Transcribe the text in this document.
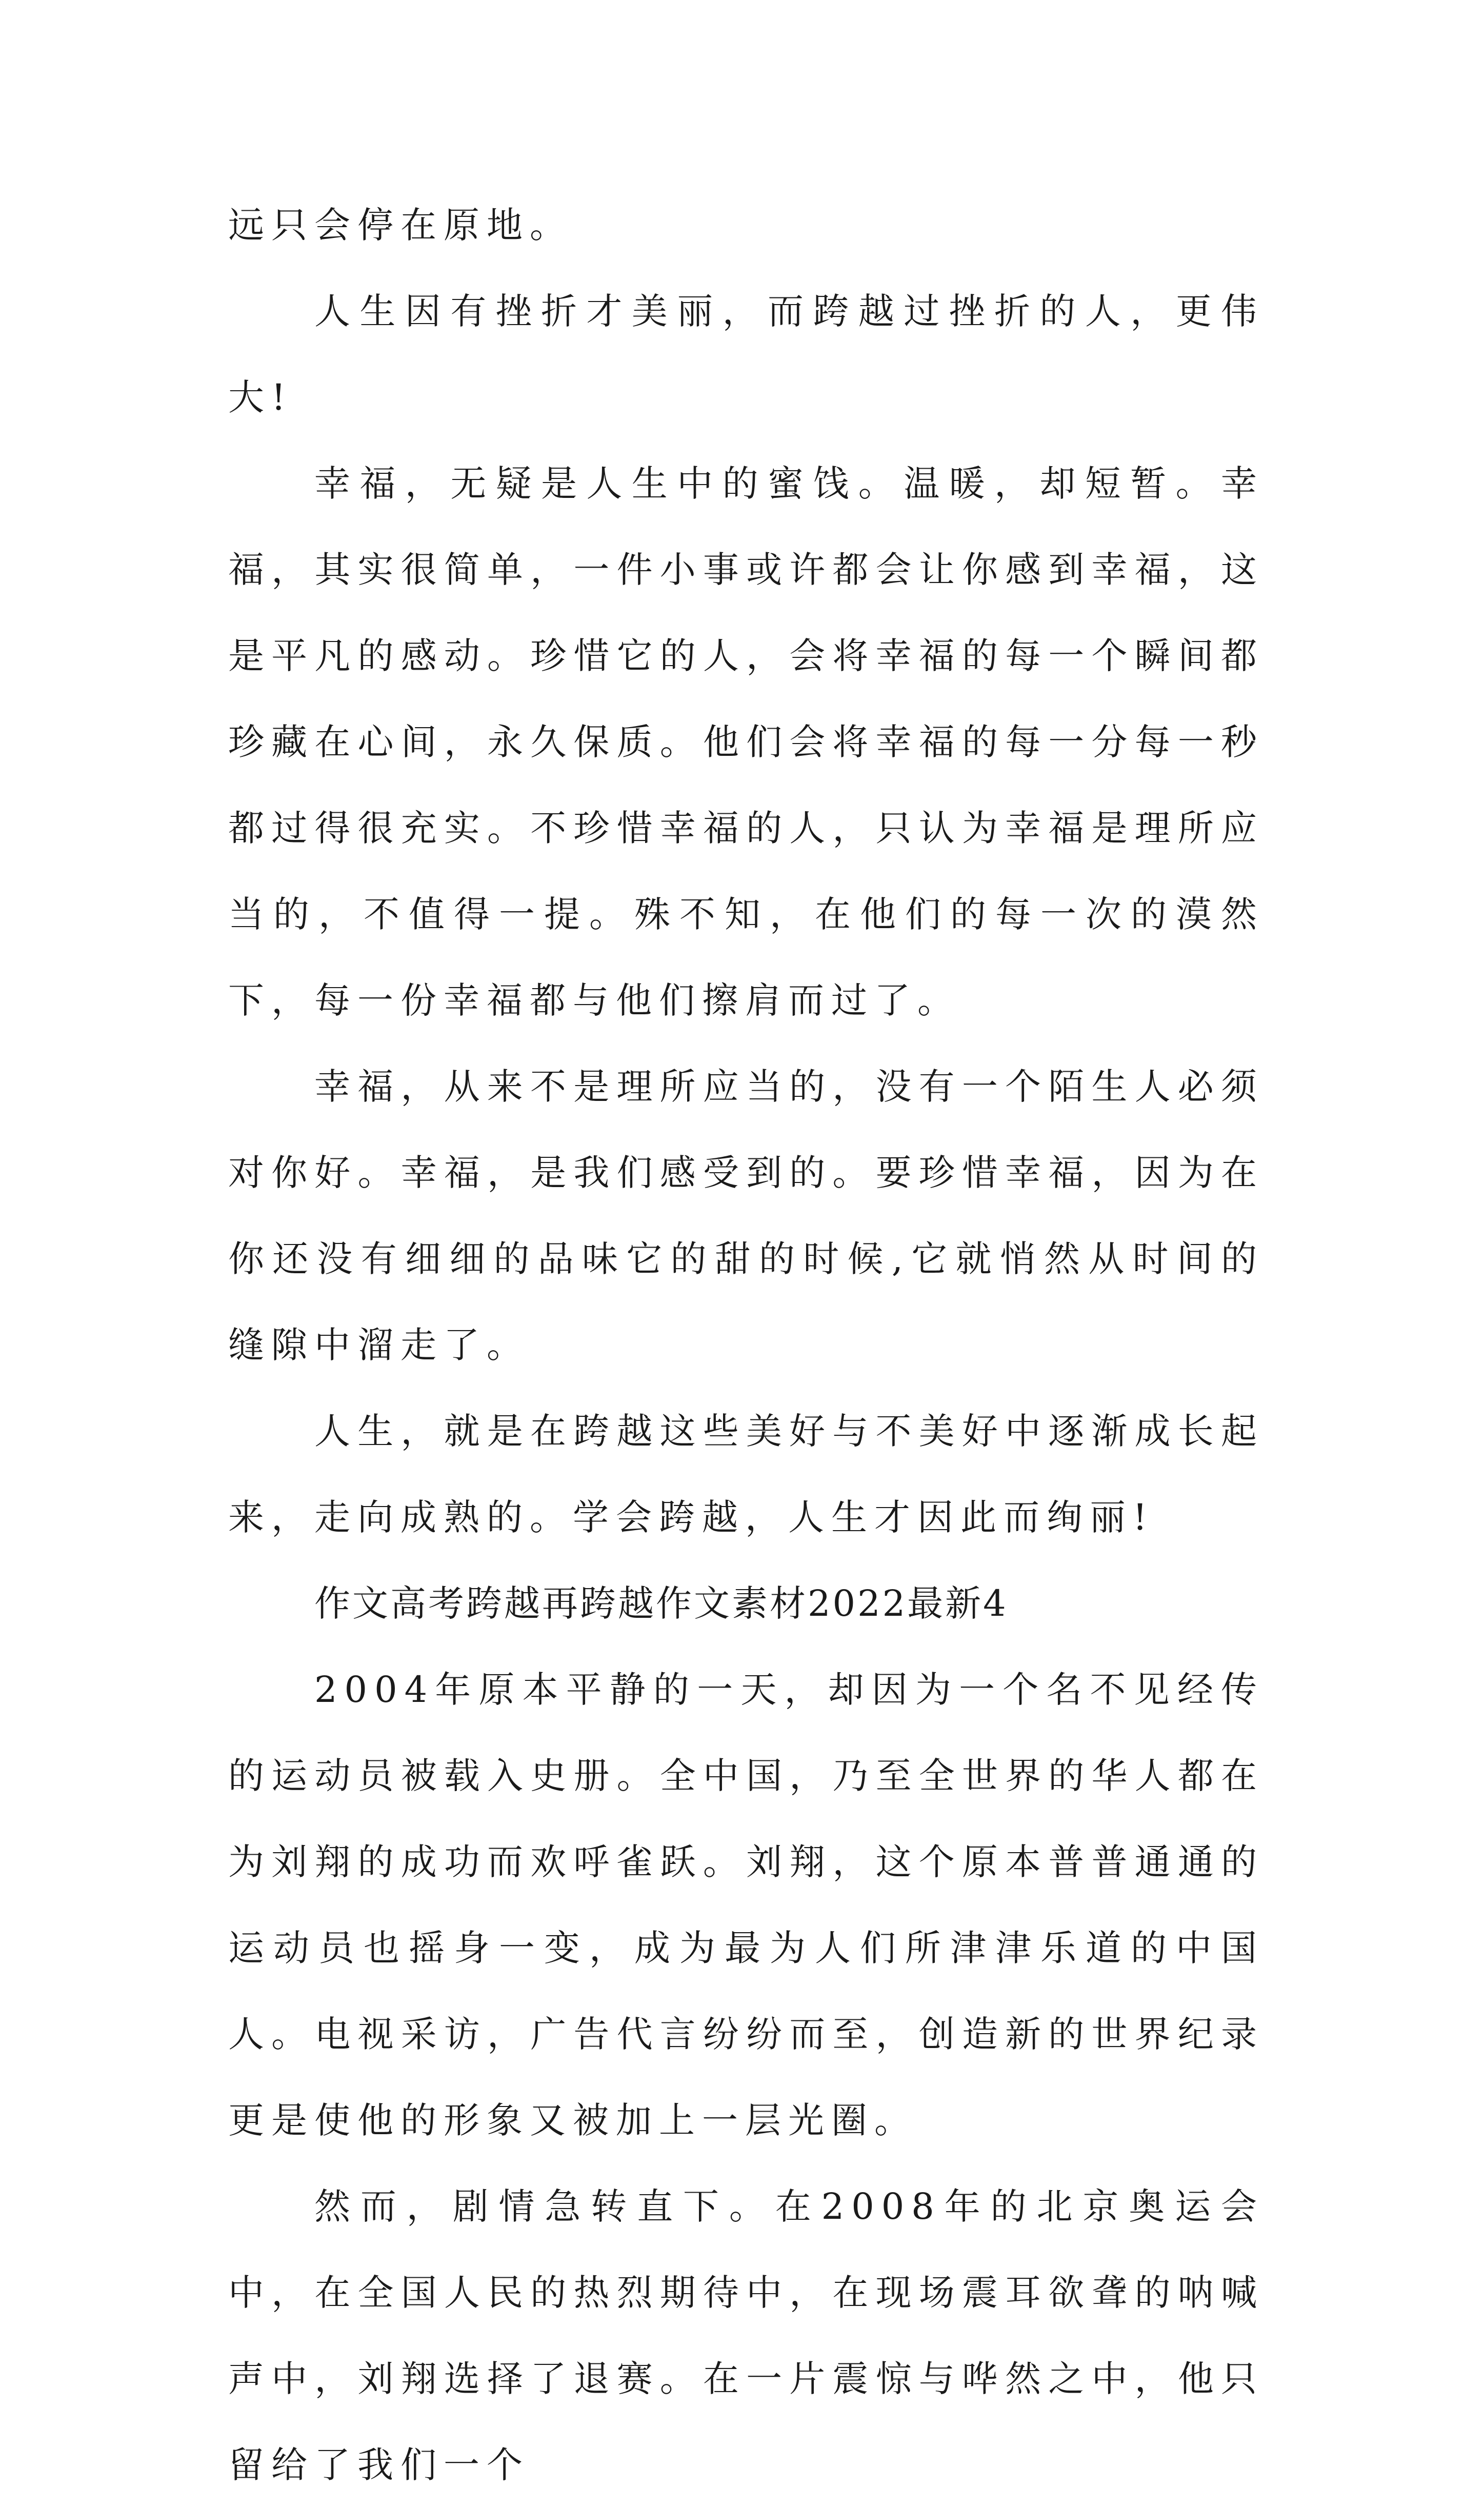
远只会停在原地。

人生因有挫折才美丽，而跨越过挫折的人，更伟大!

幸福，无疑是人生中的蜜饯。温暖，却短暂。幸福，其实很简单，一件小事或许都会让你感到幸福，这是平凡的感动。珍惜它的人，会将幸福的每一个瞬间都珍藏在心间，永久保质。他们会将幸福的每一分每一秒都过得很充实。不珍惜幸福的人，只认为幸福是理所应当的，不值得一提。殊不知，在他们的每一次的漠然下，每一份幸福都与他们擦肩而过了。

幸福，从来不是理所应当的，没有一个陌生人必须对你好。幸福，是我们感受到的。要珍惜幸福，因为在你还没有细细的品味它的甜的时候,它就悄然从时间的缝隙中溜走了。

人生，就是在跨越这些美好与不美好中逐渐成长起来，走向成熟的。学会跨越，人生才因此而绚丽!

作文高考跨越再跨越作文素材2022最新4

2004年原本平静的一天，却因为一个名不见经传的运动员被载入史册。全中国，乃至全世界的华人都在为刘翔的成功而欢呼雀跃。刘翔，这个原本普普通通的运动员也摇身一变，成为最为人们所津津乐道的中国人。电视采访，广告代言纷纷而至，创造新的世界纪录更是使他的形象又被加上一层光圈。

然而，剧情急转直下。在2008年的北京奥运会中，在全国人民的热烈期待中，在现场震耳欲聋的呐喊声中，刘翔选择了退赛。在一片震惊与哗然之中，他只留给了我们一个
